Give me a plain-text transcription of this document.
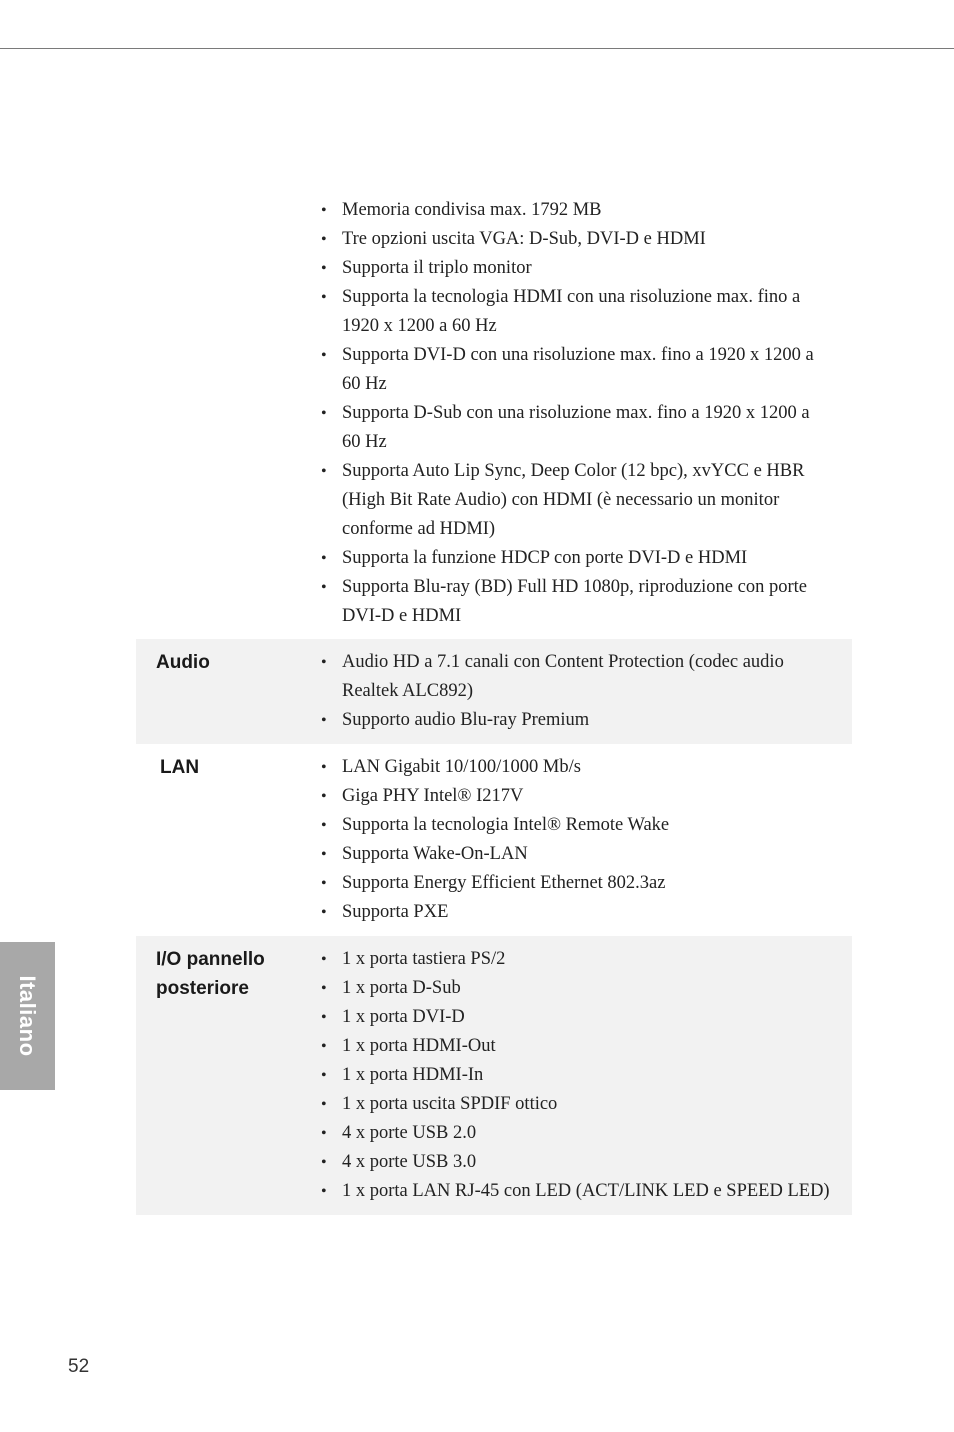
• Memoria condivisa max. 1792 MB
• Tre opzioni uscita VGA: D-Sub, DVI-D e HDMI
• Supporta il triplo monitor
• Supporta la tecnologia HDMI con una risoluzione max. fino a 1920 x 1200 a 60 Hz
• Supporta DVI-D con una risoluzione max. fino a 1920 x 1200 a 60 Hz
• Supporta D-Sub con una risoluzione max. fino a 1920 x 1200 a 60 Hz
• Supporta Auto Lip Sync, Deep Color (12 bpc), xvYCC e HBR (High Bit Rate Audio) con HDMI (è necessario un monitor conforme ad HDMI)
• Supporta la funzione HDCP con porte DVI-D e HDMI
• Supporta Blu-ray (BD) Full HD 1080p, riproduzione con porte DVI-D e HDMI
Audio	• Audio HD a 7.1 canali con Content Protection (codec audio Realtek ALC892)
• Supporto audio Blu-ray Premium
LAN	• LAN Gigabit 10/100/1000 Mb/s
• Giga PHY Intel® I217V
• Supporta la tecnologia Intel® Remote Wake
• Supporta Wake-On-LAN
• Supporta Energy Efficient Ethernet 802.3az
• Supporta PXE
I/O pannello
posteriore
• 1 x porta tastiera PS/2
• 1 x porta D-Sub
• 1 x porta DVI-D
• 1 x porta HDMI-Out
• 1 x porta HDMI-In
• 1 x porta uscita SPDIF ottico
• 4 x porte USB 2.0
• 4 x porte USB 3.0
• 1 x porta LAN RJ-45 con LED (ACT/LINK LED e SPEED LED)
Italiano
52
